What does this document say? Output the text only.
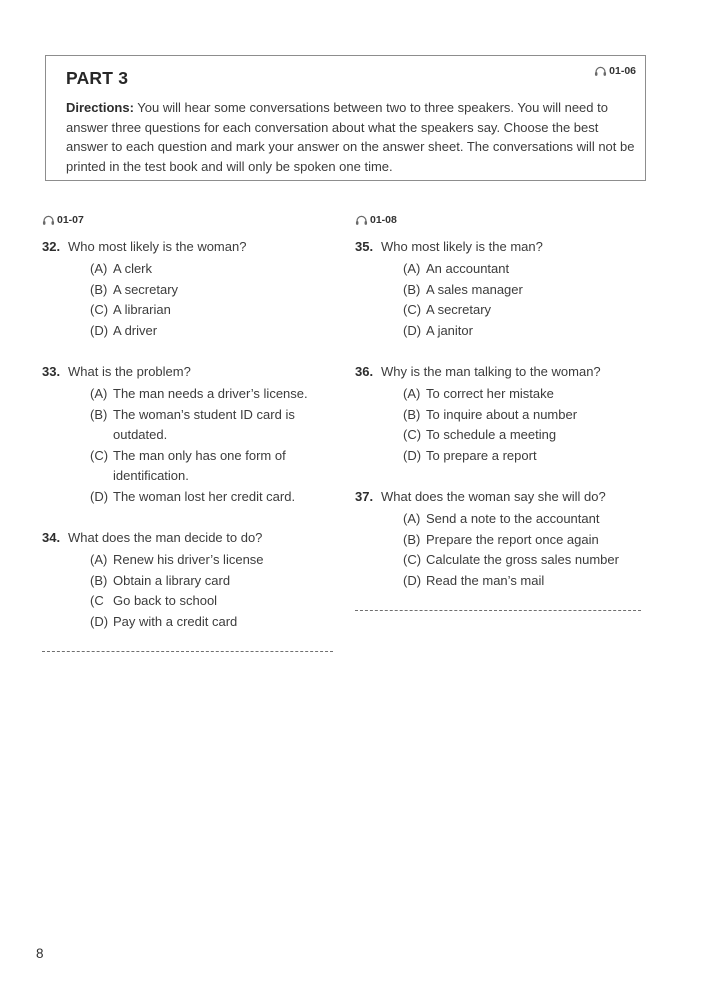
01-06
PART 3
Directions: You will hear some conversations between two to three speakers. You will need to answer three questions for each conversation about what the speakers say. Choose the best answer to each question and mark your answer on the answer sheet. The conversations will not be printed in the test book and will only be spoken one time.
01-07
32. Who most likely is the woman?
(A) A clerk
(B) A secretary
(C) A librarian
(D) A driver
33. What is the problem?
(A) The man needs a driver’s license.
(B) The woman’s student ID card is outdated.
(C) The man only has one form of identification.
(D) The woman lost her credit card.
34. What does the man decide to do?
(A) Renew his driver’s license
(B) Obtain a library card
(C Go back to school
(D) Pay with a credit card
01-08
35. Who most likely is the man?
(A) An accountant
(B) A sales manager
(C) A secretary
(D) A janitor
36. Why is the man talking to the woman?
(A) To correct her mistake
(B) To inquire about a number
(C) To schedule a meeting
(D) To prepare a report
37. What does the woman say she will do?
(A) Send a note to the accountant
(B) Prepare the report once again
(C) Calculate the gross sales number
(D) Read the man’s mail
8
